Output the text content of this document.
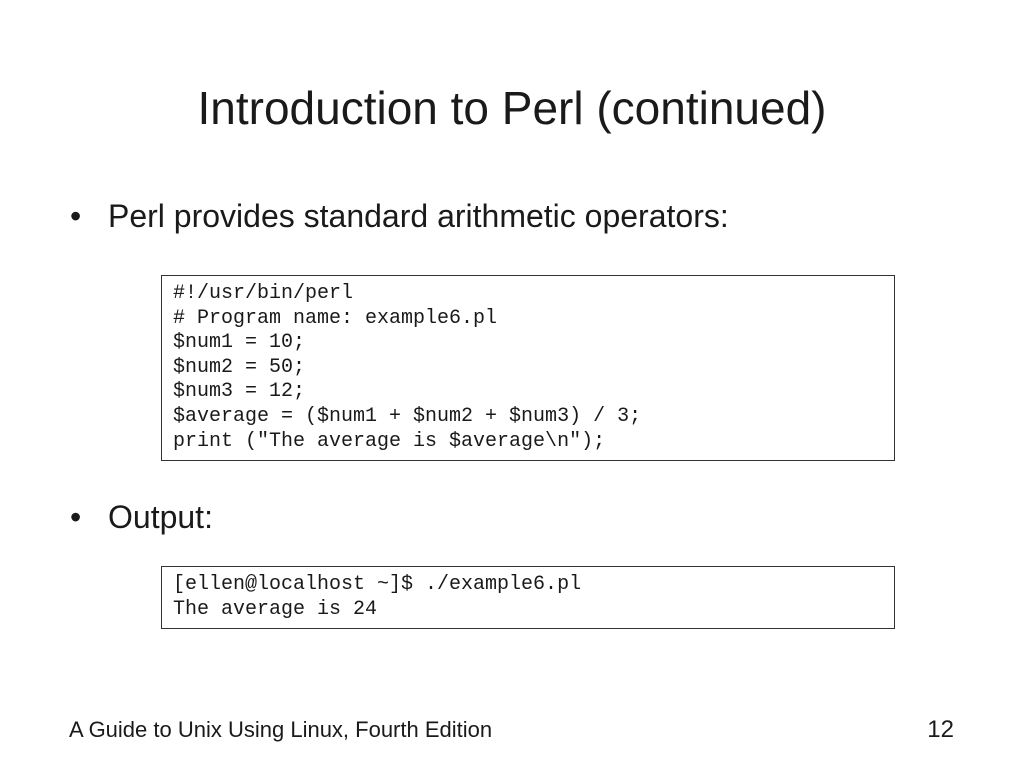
Introduction to Perl (continued)
• Perl provides standard arithmetic operators:
#!/usr/bin/perl
# Program name: example6.pl
$num1 = 10;
$num2 = 50;
$num3 = 12;
$average = ($num1 + $num2 + $num3) / 3;
print ("The average is $average\n");
• Output:
[ellen@localhost ~]$ ./example6.pl
The average is 24
A Guide to Unix Using Linux, Fourth Edition	12
